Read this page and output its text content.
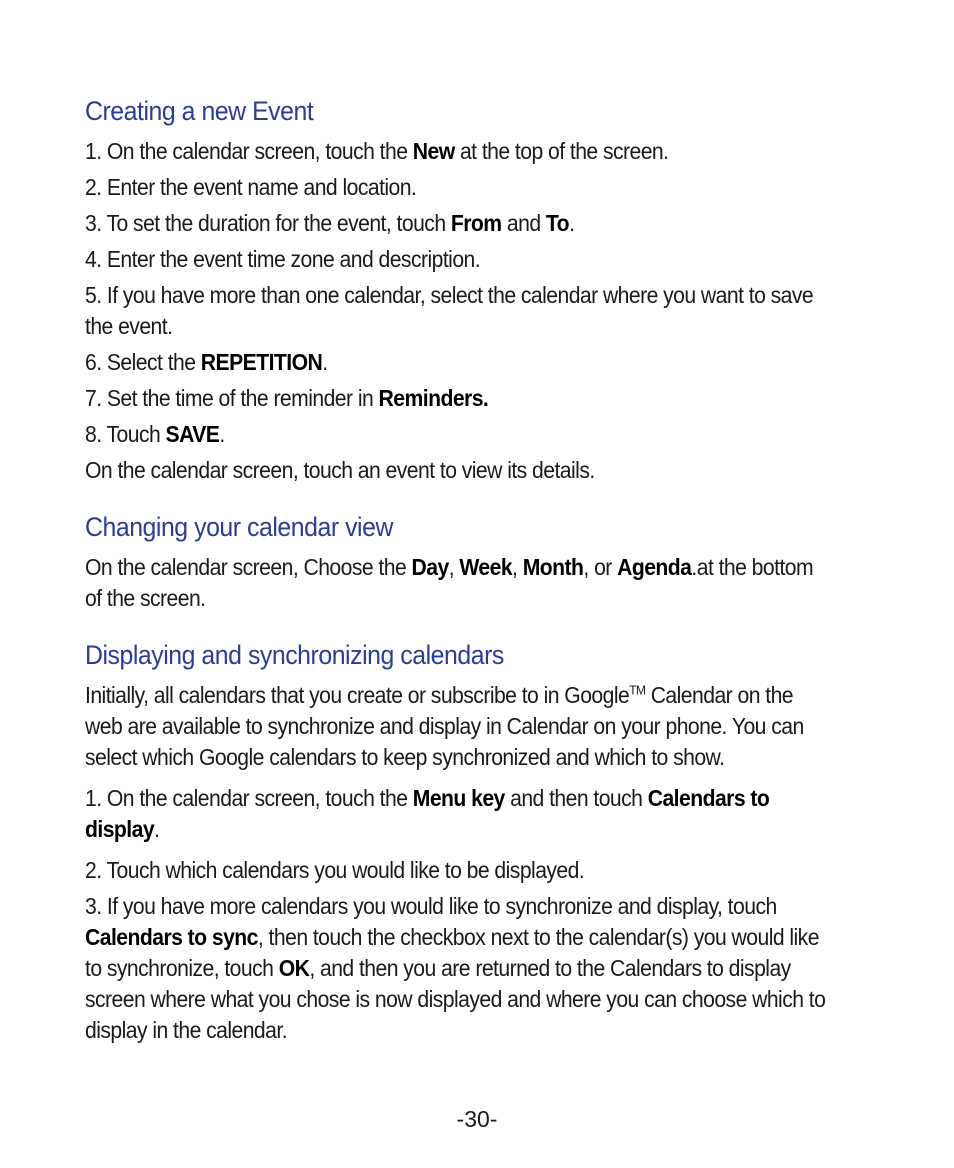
Creating a new Event

1. On the calendar screen, touch the New at the top of the screen.

2. Enter the event name and location.

3. To set the duration for the event, touch From and To.

4. Enter the event time zone and description.

5. If you have more than one calendar, select the calendar where you want to save the event.

6. Select the REPETITION.

7. Set the time of the reminder in Reminders.

8. Touch SAVE.

On the calendar screen, touch an event to view its details.

Changing your calendar view

On the calendar screen, Choose the Day, Week, Month, or Agenda.at the bottom of the screen.

Displaying and synchronizing calendars

Initially, all calendars that you create or subscribe to in Google™ Calendar on the web are available to synchronize and display in Calendar on your phone. You can select which Google calendars to keep synchronized and which to show.

1. On the calendar screen, touch the Menu key and then touch Calendars to display.

2. Touch which calendars you would like to be displayed.

3. If you have more calendars you would like to synchronize and display, touch Calendars to sync, then touch the checkbox next to the calendar(s) you would like to synchronize, touch OK, and then you are returned to the Calendars to display screen where what you chose is now displayed and where you can choose which to display in the calendar.

-30-
